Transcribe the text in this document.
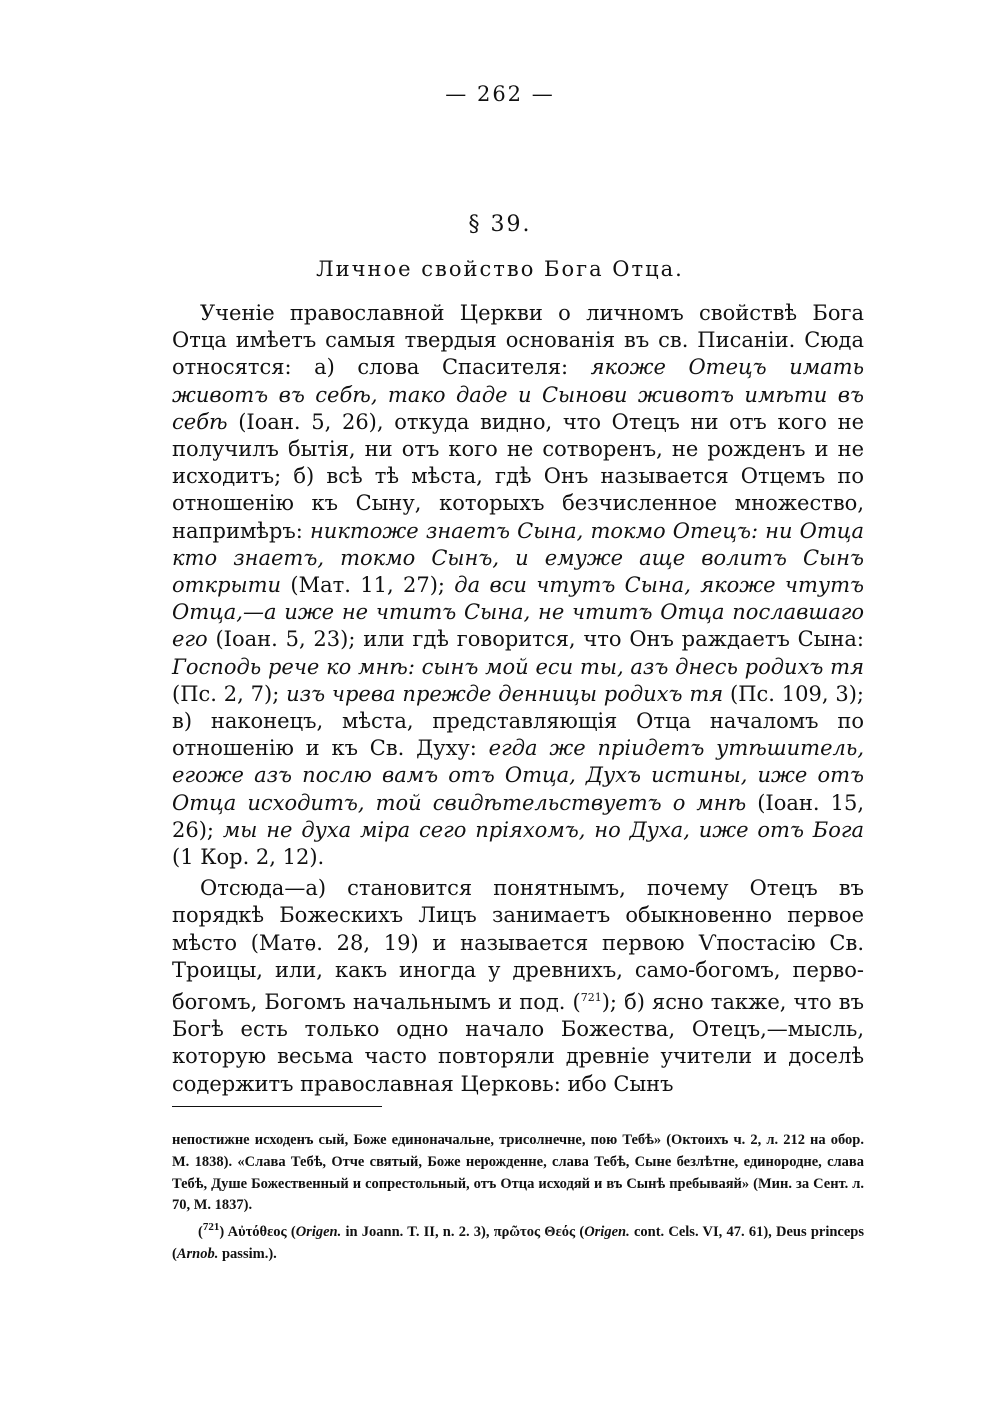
— 262 —
§ 39.
Личное свойство Бога Отца.

Ученіе православной Церкви о личномъ свойствѣ Бога Отца имѣетъ самыя твердыя основанія въ св. Писаніи. Сюда относятся: а) слова Спасителя: якоже Отецъ имать животъ въ себѣ, тако даде и Сынови животъ имѣти въ себѣ (Іоан. 5, 26), откуда видно, что Отецъ ни отъ кого не получилъ бытія, ни отъ кого не сотворенъ, не рожденъ и не исходитъ; б) всѣ тѣ мѣста, гдѣ Онъ называется Отцемъ по отношенію къ Сыну, которыхъ безчисленное множество, напримѣръ: никтоже знаетъ Сына, токмо Отецъ: ни Отца кто знаетъ, токмо Сынъ, и емуже аще волитъ Сынъ открыти (Мат. 11, 27); да вси чтутъ Сына, якоже чтутъ Отца,—а иже не чтитъ Сына, не чтитъ Отца пославшаго его (Іоан. 5, 23); или гдѣ говорится, что Онъ раждаетъ Сына: Господь рече ко мнѣ: сынъ мой еси ты, азъ днесь родихъ тя (Пс. 2, 7); изъ чрева прежде денницы родихъ тя (Пс. 109, 3); в) наконецъ, мѣста, представляющія Отца началомъ по отношенію и къ Св. Духу: егда же пріидетъ утѣшитель, егоже азъ послю вамъ отъ Отца, Духъ истины, иже отъ Отца исходитъ, той свидѣтельствуетъ о мнѣ (Іоан. 15, 26); мы не духа міра сего пріяхомъ, но Духа, иже отъ Бога (1 Кор. 2, 12).

Отсюда—а) становится понятнымъ, почему Отецъ въ порядкѣ Божескихъ Лицъ занимаетъ обыкновенно первое мѣсто (Матѳ. 28, 19) и называется первою Ѵпостасію Св. Троицы, или, какъ иногда у древнихъ, само-богомъ, перво-богомъ, Богомъ начальнымъ и под. ($^{721}$); б) ясно также, что въ Богѣ есть только одно начало Божества, Отецъ,—мысль, которую весьма часто повторяли древніе учители и доселѣ содержитъ православная Церковь: ибо Сынъ

непостижне исходенъ сый, Боже единоначальне, трисолнечне, пою Тебѣ» (Октоихъ ч. 2, л. 212 на обор. М. 1838). «Слава Тебѣ, Отче святый, Боже нерожденне, слава Тебѣ, Сыне безлѣтне, единородне, слава Тебѣ, Душе Божественный и сопрестольный, отъ Отца исходяй и въ Сынѣ пребываяй» (Мин. за Сент. л. 70, М. 1837).

($^{721}$) Αὐτόθεος (Origen. in Joann. T. II, n. 2. 3), πρῶτος Θεός (Origen. cont. Cels. VI, 47. 61), Deus princeps (Arnob. passim.).
